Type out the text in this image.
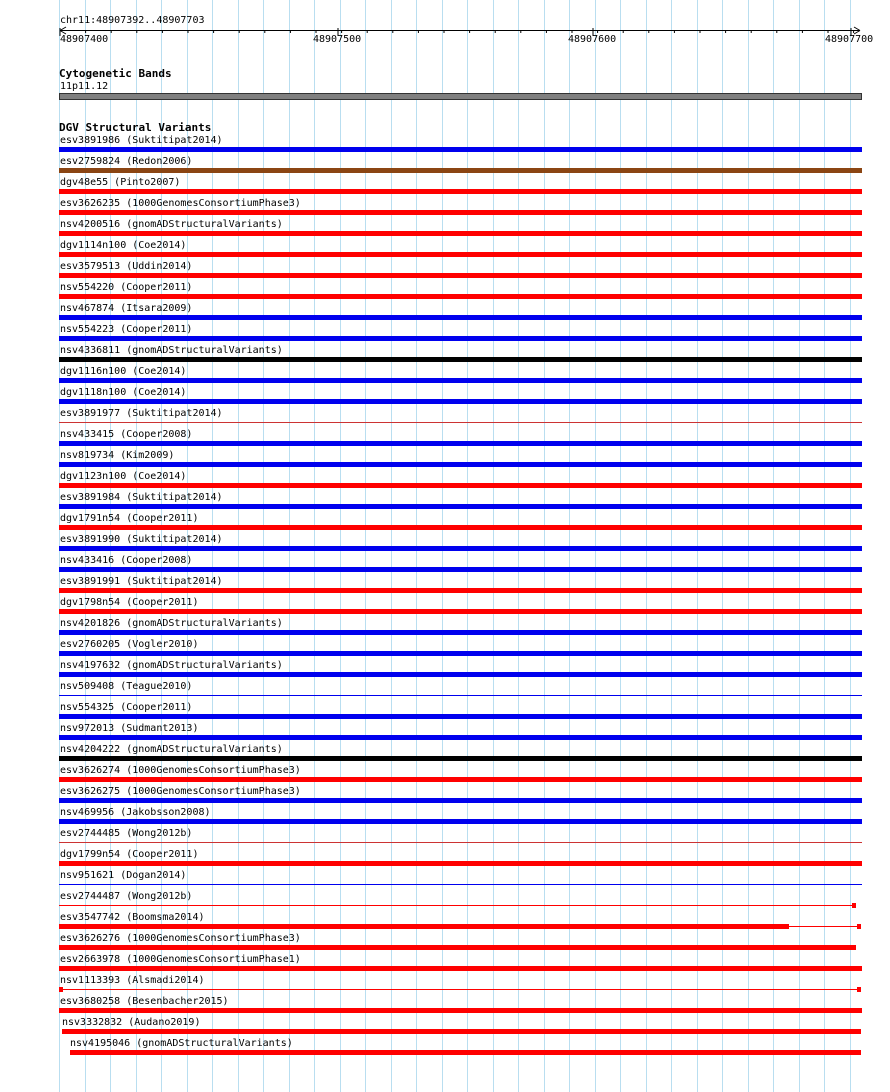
chr11:48907392..48907703
48907400	48907500	48907600	48907700
Cytogenetic Bands
11p11.12
DGV Structural Variants
esv3891986 (Suktitipat2014)
esv2759824 (Redon2006)
dgv48e55 (Pinto2007)
esv3626235 (1000GenomesConsortiumPhase3)
nsv4200516 (gnomADStructuralVariants)
dgv1114n100 (Coe2014)
esv3579513 (Uddin2014)
nsv554220 (Cooper2011)
nsv467874 (Itsara2009)
nsv554223 (Cooper2011)
nsv4336811 (gnomADStructuralVariants)
dgv1116n100 (Coe2014)
dgv1118n100 (Coe2014)
esv3891977 (Suktitipat2014)
nsv433415 (Cooper2008)
nsv819734 (Kim2009)
dgv1123n100 (Coe2014)
esv3891984 (Suktitipat2014)
dgv1791n54 (Cooper2011)
esv3891990 (Suktitipat2014)
nsv433416 (Cooper2008)
esv3891991 (Suktitipat2014)
dgv1798n54 (Cooper2011)
nsv4201826 (gnomADStructuralVariants)
esv2760205 (Vogler2010)
nsv4197632 (gnomADStructuralVariants)
nsv509408 (Teague2010)
nsv554325 (Cooper2011)
nsv972013 (Sudmant2013)
nsv4204222 (gnomADStructuralVariants)
esv3626274 (1000GenomesConsortiumPhase3)
esv3626275 (1000GenomesConsortiumPhase3)
nsv469956 (Jakobsson2008)
esv2744485 (Wong2012b)
dgv1799n54 (Cooper2011)
nsv951621 (Dogan2014)
esv2744487 (Wong2012b)
esv3547742 (Boomsma2014)
esv3626276 (1000GenomesConsortiumPhase3)
esv2663978 (1000GenomesConsortiumPhase1)
nsv1113393 (Alsmadi2014)
esv3680258 (Besenbacher2015)
nsv3332832 (Audano2019)
nsv4195046 (gnomADStructuralVariants)
